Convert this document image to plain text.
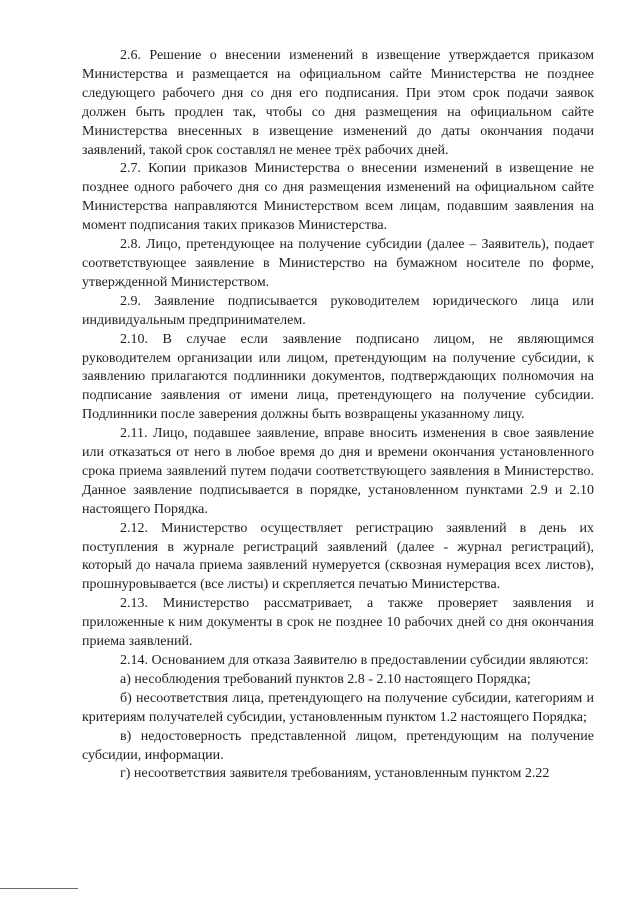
2.6. Решение о внесении изменений в извещение утверждается приказом Министерства и размещается на официальном сайте Министерства не позднее следующего рабочего дня со дня его подписания. При этом срок подачи заявок должен быть продлен так, чтобы со дня размещения на официальном сайте Министерства внесенных в извещение изменений до даты окончания подачи заявлений, такой срок составлял не менее трёх рабочих дней.

2.7. Копии приказов Министерства о внесении изменений в извещение не позднее одного рабочего дня со дня размещения изменений на официальном сайте Министерства направляются Министерством всем лицам, подавшим заявления на момент подписания таких приказов Министерства.

2.8. Лицо, претендующее на получение субсидии (далее – Заявитель), подает соответствующее заявление в Министерство на бумажном носителе по форме, утвержденной Министерством.

2.9. Заявление подписывается руководителем юридического лица или индивидуальным предпринимателем.

2.10. В случае если заявление подписано лицом, не являющимся руководителем организации или лицом, претендующим на получение субсидии, к заявлению прилагаются подлинники документов, подтверждающих полномочия на подписание заявления от имени лица, претендующего на получение субсидии. Подлинники после заверения должны быть возвращены указанному лицу.

2.11. Лицо, подавшее заявление, вправе вносить изменения в свое заявление или отказаться от него в любое время до дня и времени окончания установленного срока приема заявлений путем подачи соответствующего заявления в Министерство. Данное заявление подписывается в порядке, установленном пунктами 2.9 и 2.10 настоящего Порядка.

2.12. Министерство осуществляет регистрацию заявлений в день их поступления в журнале регистраций заявлений (далее - журнал регистраций), который до начала приема заявлений нумеруется (сквозная нумерация всех листов), прошнуровывается (все листы) и скрепляется печатью Министерства.

2.13. Министерство рассматривает, а также проверяет заявления и приложенные к ним документы в срок не позднее 10 рабочих дней со дня окончания приема заявлений.

2.14. Основанием для отказа Заявителю в предоставлении субсидии являются:

а) несоблюдения требований пунктов 2.8 - 2.10 настоящего Порядка;

б) несоответствия лица, претендующего на получение субсидии, категориям и критериям получателей субсидии, установленным пунктом 1.2 настоящего Порядка;

в) недостоверность представленной лицом, претендующим на получение субсидии, информации.

г) несоответствия заявителя требованиям, установленным пунктом 2.22
